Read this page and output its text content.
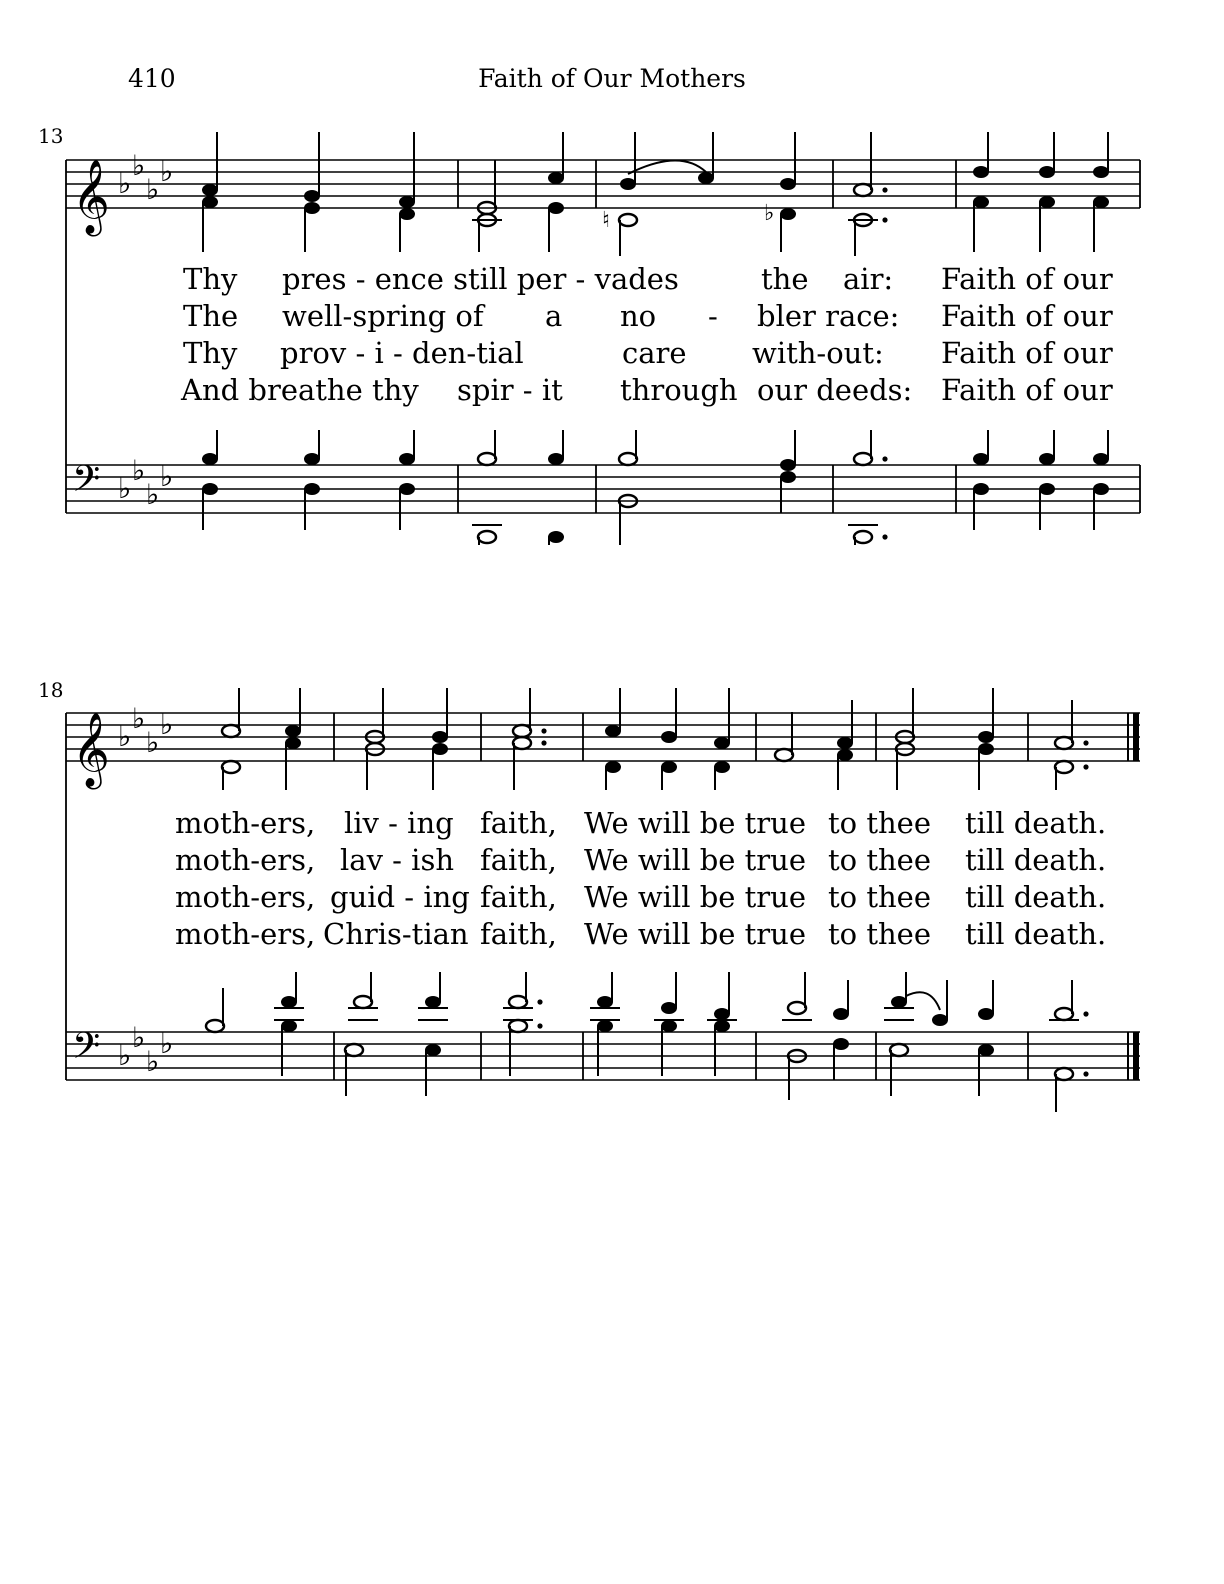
410	Faith of Our Mothers
13
18
𝄞
𝄢
♭
♭
♭
♭
♭
♭
♭
♭
♮	♭
Thy pres - ence still per - vades	the air: Faith of our
The well-spring of a no - bler race: Faith of our
Thy prov - i - den-tial	care with-out: Faith of our
And breathe thy spir - it through our deeds: Faith of our
𝄞
𝄢
♭
♭
♭
♭
♭
♭
♭
♭
moth-ers, liv - ing faith, We will be true to thee till death.
moth-ers, lav - ish faith, We will be true to thee till death.
moth-ers, guid - ing faith, We will be true to thee till death.
moth-ers, Chris-tian faith, We will be true to thee till death.
